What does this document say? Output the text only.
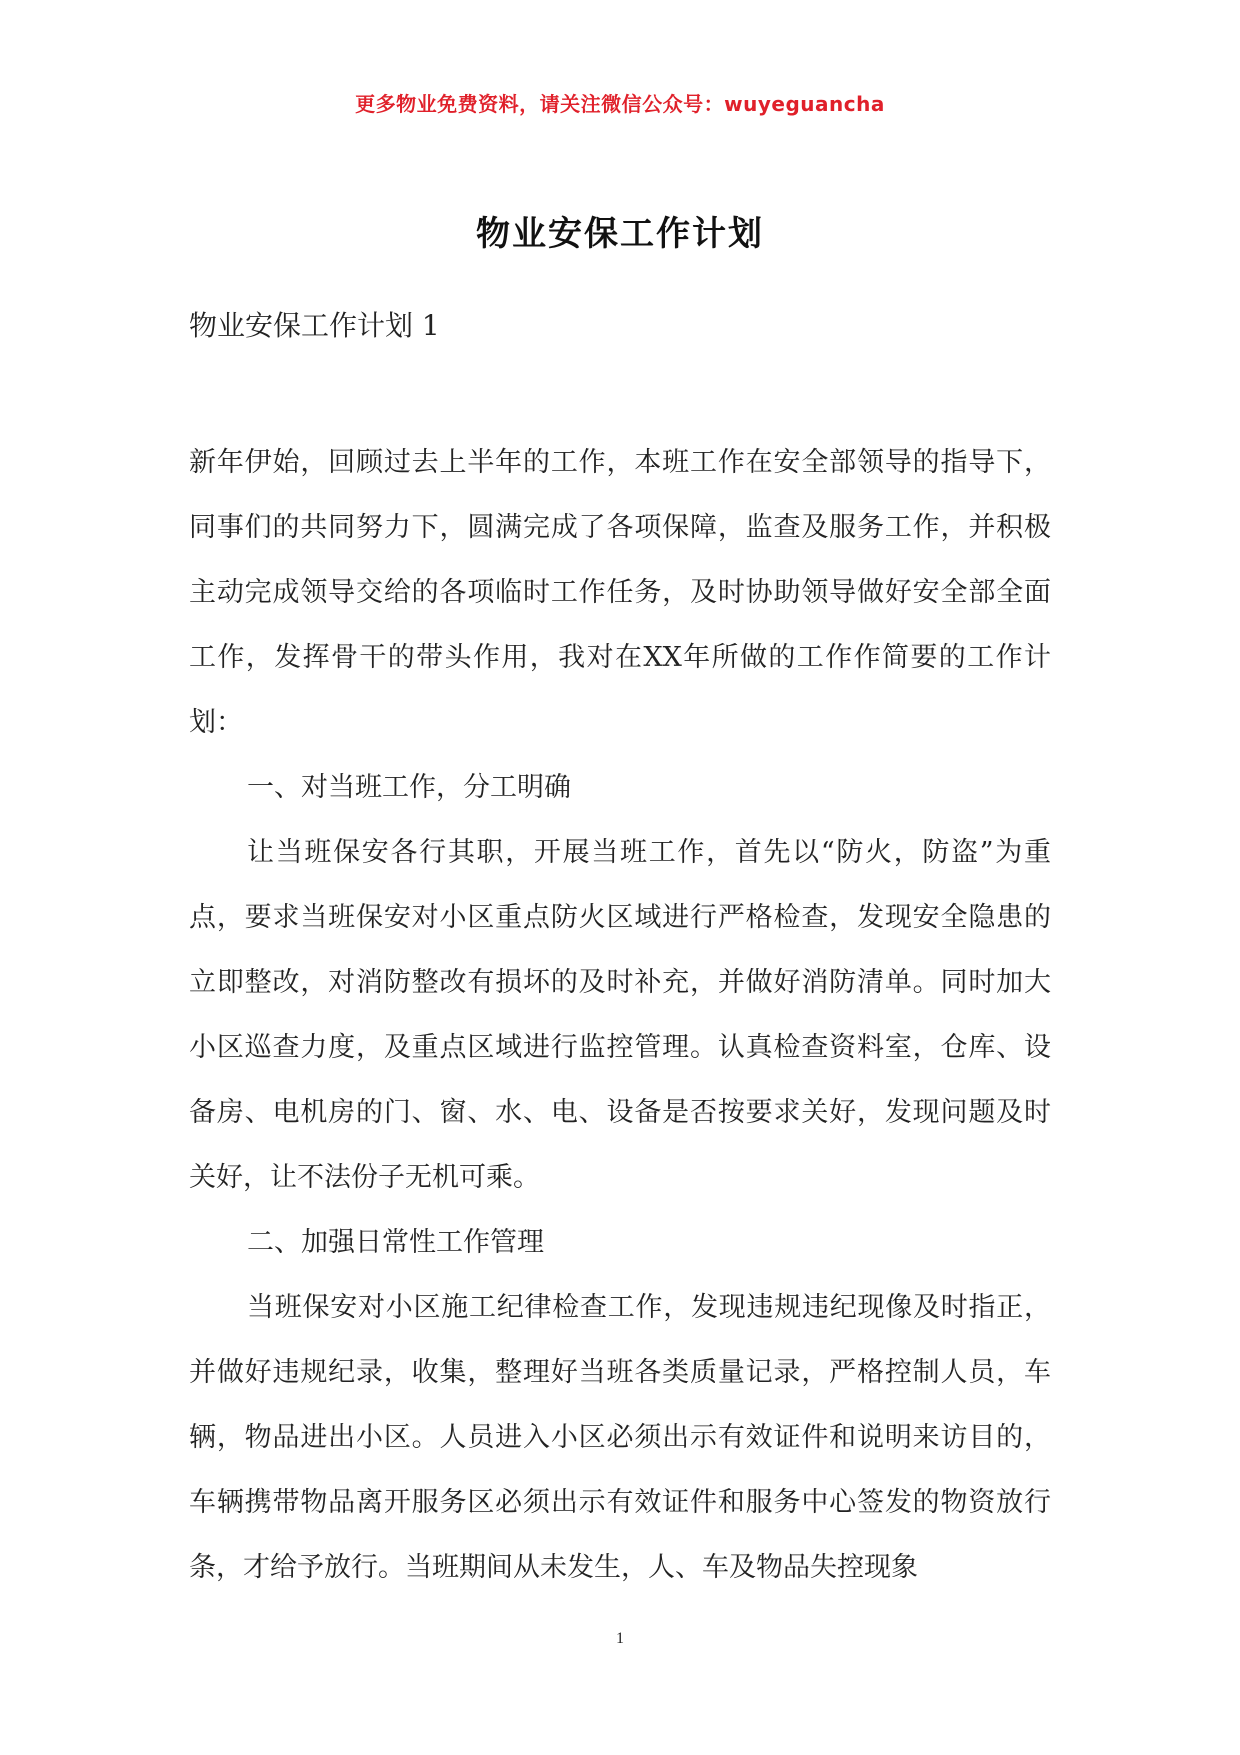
更多物业免费资料，请关注微信公众号：wuyeguancha
物业安保工作计划
物业安保工作计划 1

新年伊始，回顾过去上半年的工作，本班工作在安全部领导的指导下，同事们的共同努力下，圆满完成了各项保障，监查及服务工作，并积极主动完成领导交给的各项临时工作任务，及时协助领导做好安全部全面工作，发挥骨干的带头作用，我对在XX年所做的工作作简要的工作计划：

一、对当班工作，分工明确

让当班保安各行其职，开展当班工作，首先以“防火，防盗”为重点，要求当班保安对小区重点防火区域进行严格检查，发现安全隐患的立即整改，对消防整改有损坏的及时补充，并做好消防清单。同时加大小区巡查力度，及重点区域进行监控管理。认真检查资料室，仓库、设备房、电机房的门、窗、水、电、设备是否按要求关好，发现问题及时关好，让不法份子无机可乘。

二、加强日常性工作管理

当班保安对小区施工纪律检查工作，发现违规违纪现像及时指正，并做好违规纪录，收集，整理好当班各类质量记录，严格控制人员，车辆，物品进出小区。人员进入小区必须出示有效证件和说明来访目的，车辆携带物品离开服务区必须出示有效证件和服务中心签发的物资放行条，才给予放行。当班期间从未发生，人、车及物品失控现象

1
